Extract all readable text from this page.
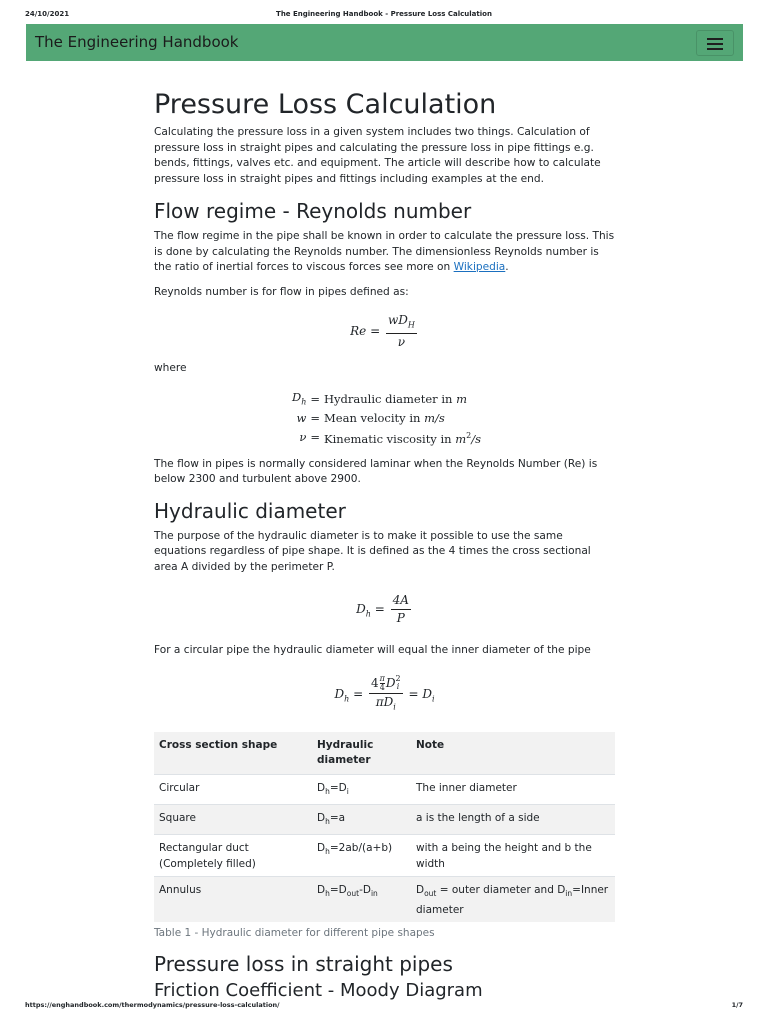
24/10/2021	The Engineering Handbook - Pressure Loss Calculation
The Engineering Handbook
Pressure Loss Calculation

Calculating the pressure loss in a given system includes two things. Calculation of pressure loss in straight pipes and calculating the pressure loss in pipe fittings e.g. bends, fittings, valves etc. and equipment. The article will describe how to calculate pressure loss in straight pipes and fittings including examples at the end.

Flow regime - Reynolds number

The flow regime in the pipe shall be known in order to calculate the pressure loss. This is done by calculating the Reynolds number. The dimensionless Reynolds number is the ratio of inertial forces to viscous forces see more on Wikipedia.

Reynolds number is for flow in pipes defined as:

$Re = \frac{wD_H}{\nu}$

where

$D_h$	=	Hydraulic diameter in m
w	=	Mean velocity in m/s
ν	=	Kinematic viscosity in $m^2/s$

The flow in pipes is normally considered laminar when the Reynolds Number (Re) is below 2300 and turbulent above 2900.

Hydraulic diameter

The purpose of the hydraulic diameter is to make it possible to use the same equations regardless of pipe shape. It is defined as the 4 times the cross sectional area A divided by the perimeter P.

$D_h = \frac{4A}{P}$

For a circular pipe the hydraulic diameter will equal the inner diameter of the pipe

$D_h = 4 \frac{\pi}{4}$ D 2
i
$\pi D_i = D_i$
Cross section shape	Hydraulic diameter	Note
Circular	$D_h=D_i$	The inner diameter
Square	$D_h=a$	a is the length of a side
Rectangular duct (Completely filled)	$D_h=2ab/(a+b)$	with a being the height and b the width
Annulus	$D_h=D_{out}-D_{in}$	$D_{out}$ = outer diameter and $D_{in}=Inner$ diameter
Table 1 - Hydraulic diameter for different pipe shapes
Pressure loss in straight pipes
Friction Coefficient - Moody Diagram
https://enghandbook.com/thermodynamics/pressure-loss-calculation/	1/7
